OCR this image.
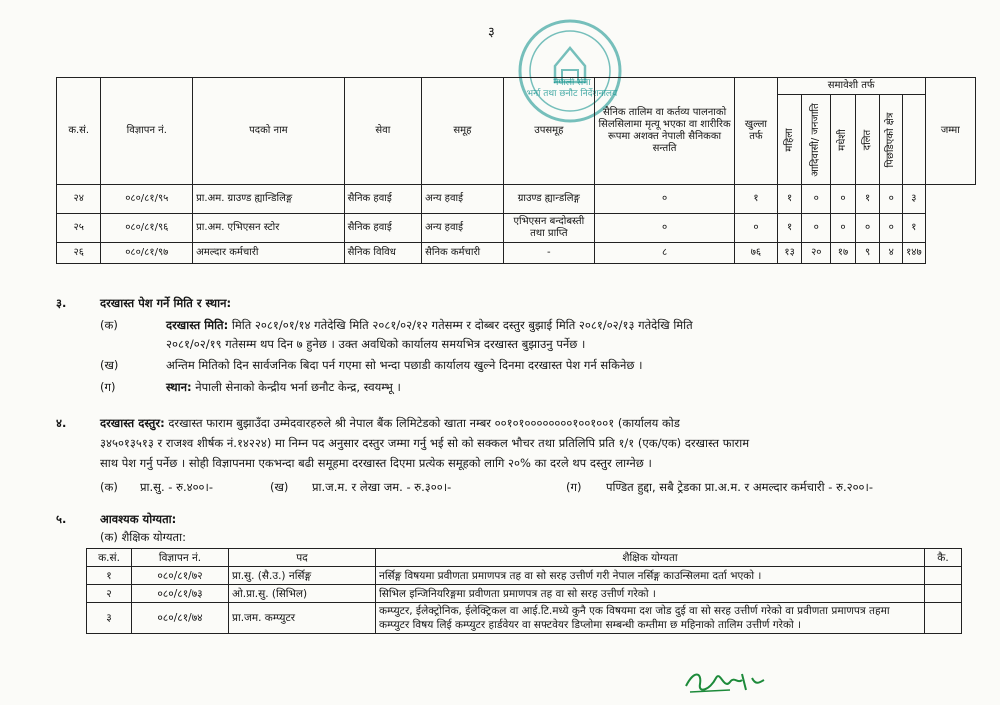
३
नेपाली सेना
भर्ना तथा छनौट निर्देशनालय
क.सं.	विज्ञापन नं.	पदको नाम	सेवा	समूह	उपसमूह	सैनिक तालिम वा कर्तव्य पालनाको सिलसिलामा मृत्यू भएका वा शारीरिक रूपमा अशक्त नेपाली सैनिकका सन्तति	खुल्ला तर्फ	समावेशी तर्फ						जम्मा

								महिला	आदिवासी/ जनजाति	मधेशी	दलित	पिछडिएको क्षेत्र		

२४	०८०/८१/९५	प्रा.अम. ग्राउण्ड ह्यान्डिलिङ्ग	सैनिक हवाई	अन्य हवाई	ग्राउण्ड ह्यान्डलिङ्ग	०	१	१	०	०	१	०	३	
२५	०८०/८१/९६	प्रा.अम. एभिएसन स्टोर	सैनिक हवाई	अन्य हवाई	एभिएसन बन्दोबस्ती तथा प्राप्ति	०	०	१	०	०	०	०	१	
२६	०८०/८१/९७	अमल्दार कर्मचारी	सैनिक विविध	सैनिक कर्मचारी	-	८	७६	१३	२०	१७	९	४	१४७	
३.	दरखास्त पेश गर्ने मिति र स्थान:
(क)	दरखास्त मिति: मिति २०८१/०१/१४ गतेदेखि मिति २०८१/०२/१२ गतेसम्म र दोब्बर दस्तुर बुझाई मिति २०८१/०२/१३ गतेदेखि मिति
२०८१/०२/१९ गतेसम्म थप दिन ७ हुनेछ । उक्त अवधिको कार्यालय समयभित्र दरखास्त बुझाउनु पर्नेछ ।
(ख)	अन्तिम मितिको दिन सार्वजनिक बिदा पर्न गएमा सो भन्दा पछाडी कार्यालय खुल्ने दिनमा दरखास्त पेश गर्न सकिनेछ ।
(ग)	स्थान: नेपाली सेनाको केन्द्रीय भर्ना छनौट केन्द्र, स्वयम्भू ।
४.	दरखास्त दस्तुर: दरखास्त फाराम बुझाउँदा उम्मेदवारहरुले श्री नेपाल बैंक लिमिटेडको खाता नम्बर ००१०१००००००००१००१००१ (कार्यालय कोड
३४५०१३५१३ र राजश्व शीर्षक नं.१४२२४) मा निम्न पद अनुसार दस्तुर जम्मा गर्नु भई सो को सक्कल भौचर तथा प्रतिलिपि प्रति १/१ (एक/एक) दरखास्त फाराम
साथ पेश गर्नु पर्नेछ । सोही विज्ञापनमा एकभन्दा बढी समूहमा दरखास्त दिएमा प्रत्येक समूहको लागि २०% का दरले थप दस्तुर लाग्नेछ ।
(क) प्रा.सु. - रु.४००।-	(ख) प्रा.ज.म. र लेखा जम. - रु.३००।-	(ग) पण्डित हुद्दा, सबै ट्रेडका प्रा.अ.म. र अमल्दार कर्मचारी - रु.२००।-
५.	आवश्यक योग्यता:
(क) शैक्षिक योग्यता:
क.सं.	विज्ञापन नं.	पद	शैक्षिक योग्यता	कै.
१	०८०/८१/७२	प्रा.सु. (सै.उ.) नर्सिङ्ग	नर्सिङ्ग विषयमा प्रवीणता प्रमाणपत्र तह वा सो सरह उत्तीर्ण गरी नेपाल नर्सिङ्ग काउन्सिलमा दर्ता भएको ।	
२	०८०/८१/७३	ओ.प्रा.सु. (सिभिल)	सिभिल इन्जिनियरिङ्गमा प्रवीणता प्रमाणपत्र तह वा सो सरह उत्तीर्ण गरेको ।	
३	०८०/८१/७४	प्रा.जम. कम्प्युटर	कम्प्युटर, ईलेक्ट्रोनिक, ईलेक्ट्रिकल वा आई.टि.मध्ये कुनै एक विषयमा दश जोड दुई वा सो सरह उत्तीर्ण गरेको वा प्रवीणता प्रमाणपत्र तहमा कम्प्युटर विषय लिई कम्प्युटर हार्डवेयर वा सफ्टवेयर डिप्लोमा सम्बन्धी कम्तीमा छ महिनाको तालिम उत्तीर्ण गरेको ।	
